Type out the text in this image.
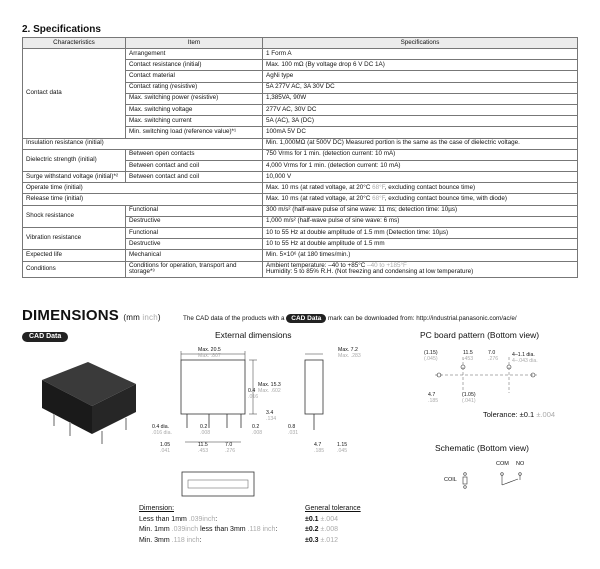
2. Specifications
Characteristics	Item	Specifications
Contact data	Arrangement	1 Form A
	Contact resistance (initial)	Max. 100 mΩ (By voltage drop 6 V DC 1A)
	Contact material	AgNi type
	Contact rating (resistive)	5A 277V AC, 3A 30V DC
	Max. switching power (resistive)	1,385VA, 90W
	Max. switching voltage	277V AC, 30V DC
	Max. switching current	5A (AC), 3A (DC)
	Min. switching load (reference value)*¹	100mA 5V DC
Insulation resistance (initial)		Min. 1,000MΩ (at 500V DC) Measured portion is the same as the case of dielectric voltage.
Dielectric strength (initial)	Between open contacts	750 Vrms for 1 min. (detection current: 10 mA)
	Between contact and coil	4,000 Vrms for 1 min. (detection current: 10 mA)
Surge withstand voltage (initial)*²	Between contact and coil	10,000 V
Operate time (initial)		Max. 10 ms (at rated voltage, at 20°C 68°F, excluding contact bounce time)
Release time (initial)		Max. 10 ms (at rated voltage, at 20°C 68°F, excluding contact bounce time, with diode)
Shock resistance	Functional	300 m/s² (half-wave pulse of sine wave: 11 ms; detection time: 10µs)
	Destructive	1,000 m/s² (half-wave pulse of sine wave: 6 ms)
Vibration resistance	Functional	10 to 55 Hz at double amplitude of 1.5 mm (Detection time: 10µs)
	Destructive	10 to 55 Hz at double amplitude of 1.5 mm
Expected life	Mechanical	Min. 5×10⁶ (at 180 times/min.)
Conditions	Conditions for operation, transport and storage*³	Ambient temperature: –40 to +85°C –40 to +185°F
Humidity: 5 to 85% R.H. (Not freezing and condensing at low temperature)
DIMENSIONS (mm inch)	The CAD data of the products with a CAD Data mark can be downloaded from: http://industrial.panasonic.com/ac/e/
CAD Data	External dimensions
Max. 20.5
Max. .807
Max. 15.3
Max. .602
0.4
.016
3.4
.134
0.4 dia.
.016 dia.
0.2
.008
0.2
.008
1.05
.041
11.5
.453
7.0
.276
Max. 7.2
Max. .283
0.8
.031
4.7
.185
1.15
.045
PC board pattern (Bottom view)
(1.15)
(.045)
11.5
.453
7.0
.276
4–1.1 dia.
4–.043 dia.
4.7
.185
(1.05)
(.041)
Tolerance: ±0.1 ±.004
Schematic (Bottom view)
COIL
COM NO
Dimension:	General tolerance
Less than 1mm .039inch:	±0.1 ±.004
Min. 1mm .039inch less than 3mm .118 inch:	±0.2 ±.008
Min. 3mm .118 inch:	±0.3 ±.012
